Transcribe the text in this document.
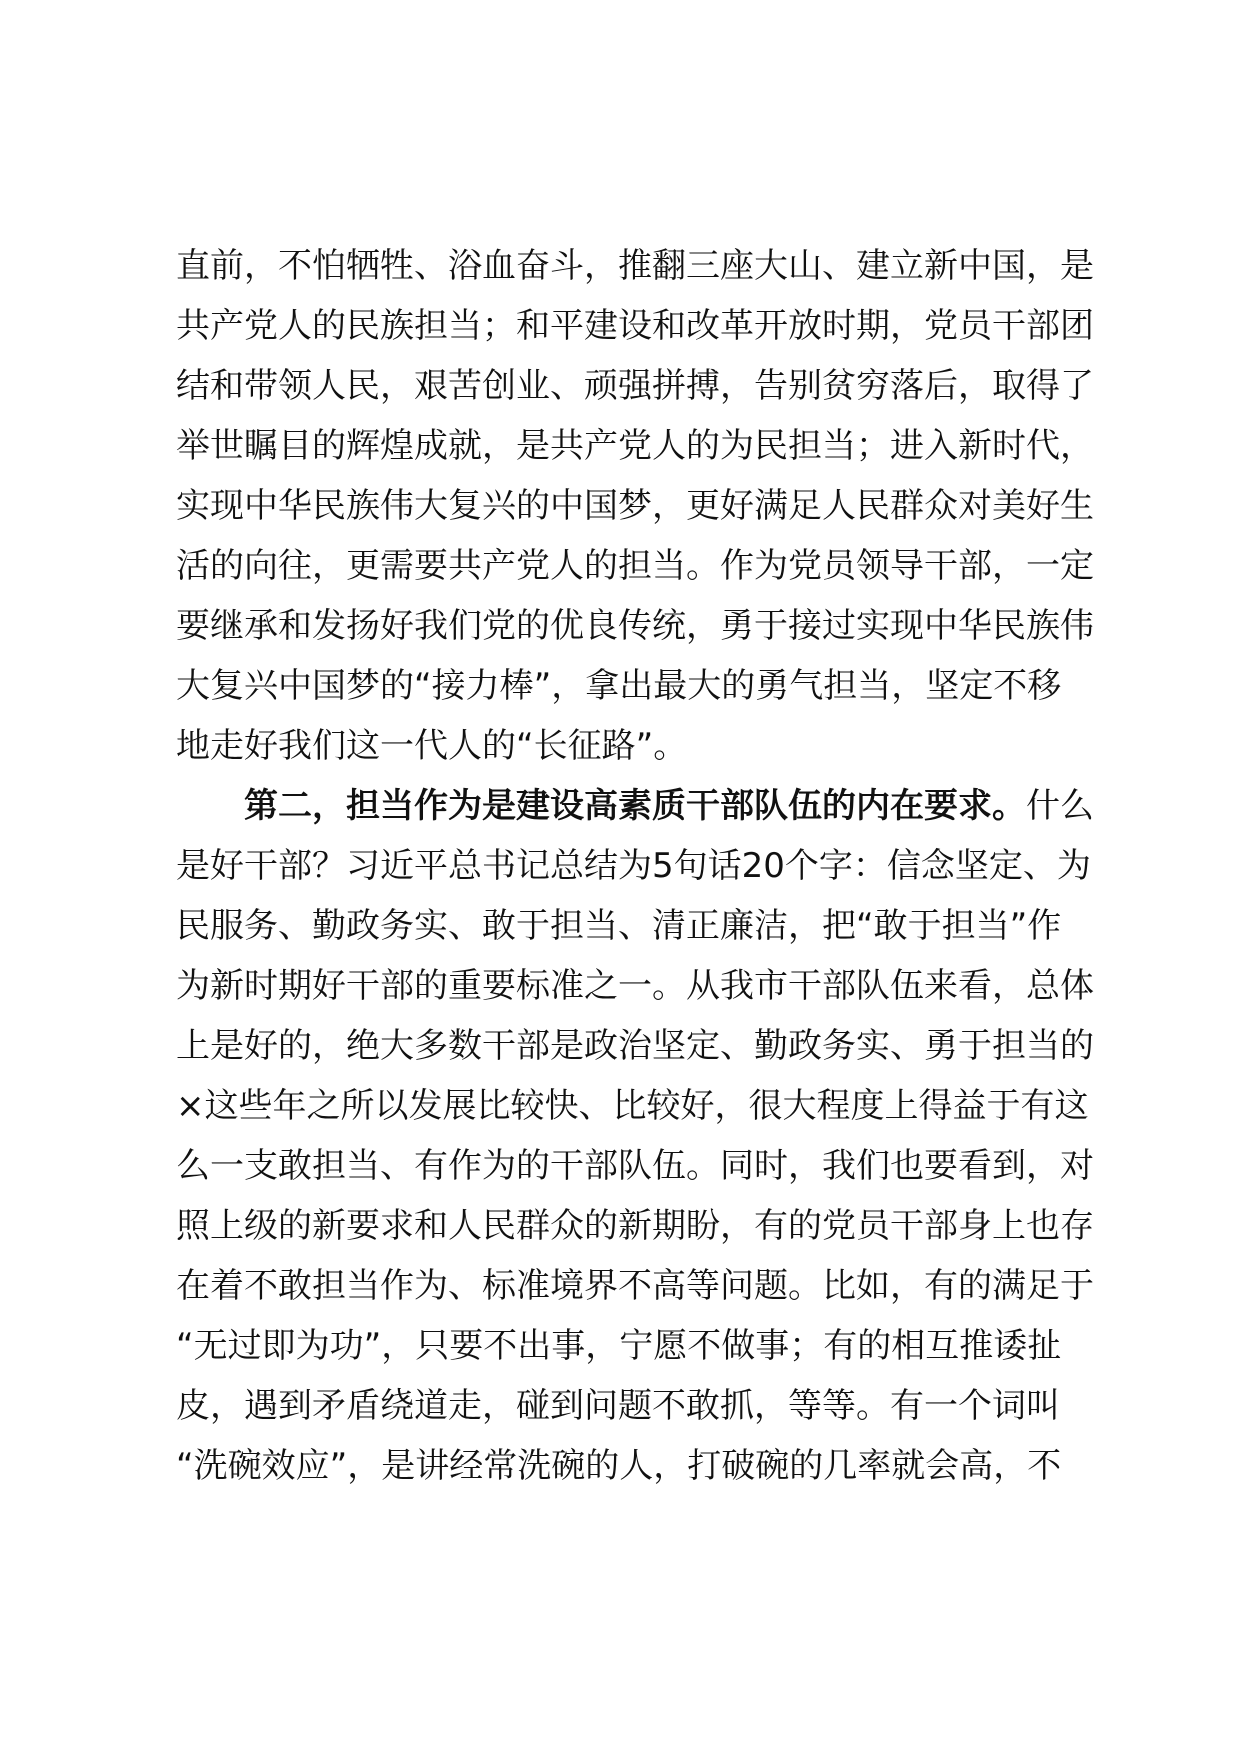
直前，不怕牺牲、浴血奋斗，推翻三座大山、建立新中国，是
共产党人的民族担当；和平建设和改革开放时期，党员干部团
结和带领人民，艰苦创业、顽强拼搏，告别贫穷落后，取得了
举世瞩目的辉煌成就，是共产党人的为民担当；进入新时代，
实现中华民族伟大复兴的中国梦，更好满足人民群众对美好生
活的向往，更需要共产党人的担当。作为党员领导干部，一定
要继承和发扬好我们党的优良传统，勇于接过实现中华民族伟
大复兴中国梦的“接力棒”，拿出最大的勇气担当，坚定不移
地走好我们这一代人的“长征路”。
第二，担当作为是建设高素质干部队伍的内在要求。什么
是好干部？习近平总书记总结为5句话20个字：信念坚定、为
民服务、勤政务实、敢于担当、清正廉洁，把“敢于担当”作
为新时期好干部的重要标准之一。从我市干部队伍来看，总体
上是好的，绝大多数干部是政治坚定、勤政务实、勇于担当的
×这些年之所以发展比较快、比较好，很大程度上得益于有这
么一支敢担当、有作为的干部队伍。同时，我们也要看到，对
照上级的新要求和人民群众的新期盼，有的党员干部身上也存
在着不敢担当作为、标准境界不高等问题。比如，有的满足于
“无过即为功”，只要不出事，宁愿不做事；有的相互推诿扯
皮，遇到矛盾绕道走，碰到问题不敢抓，等等。有一个词叫
“洗碗效应”，是讲经常洗碗的人，打破碗的几率就会高，不
